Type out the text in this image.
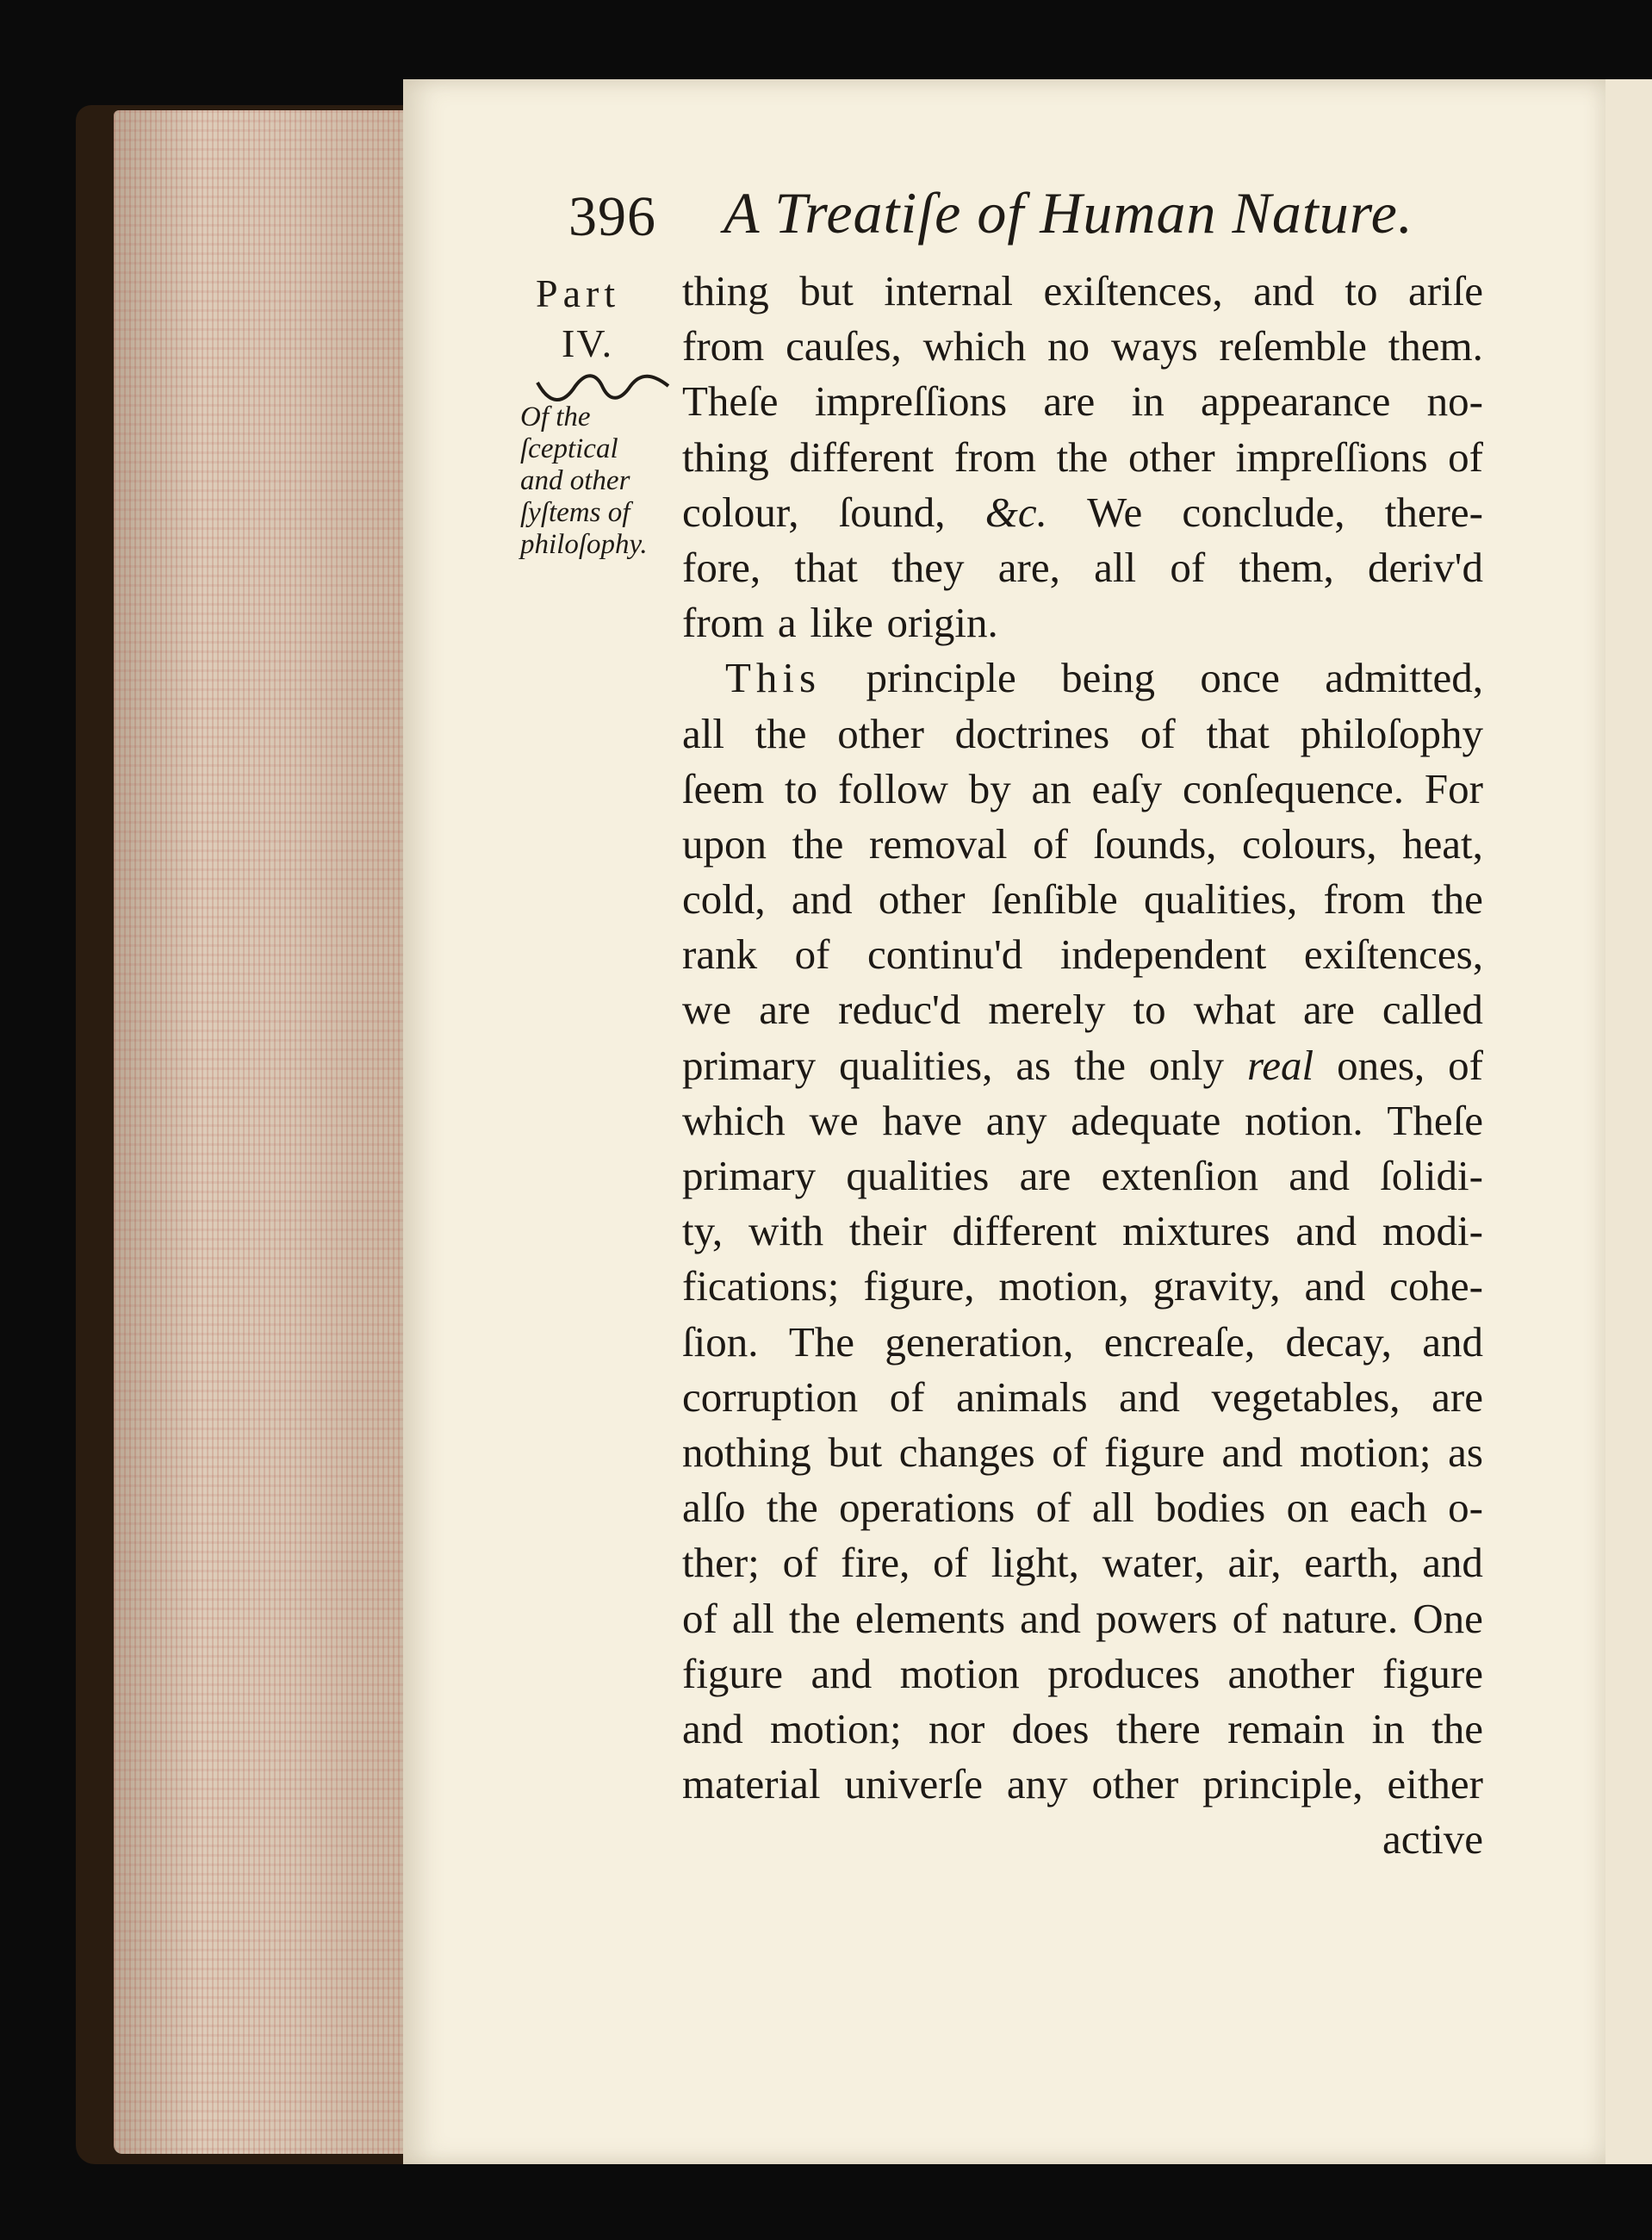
396 A Treatiſe of Human Nature.
Part
IV.
Of the
ſceptical
and other
ſyſtems of
philoſophy.
thing but internal exiſtences, and to ariſe
from cauſes, which no ways reſemble them.
Theſe impreſſions are in appearance no-
thing different from the other impreſſions of
colour, ſound, &c. We conclude, there-
fore, that they are, all of them, deriv'd
from a like origin.
This principle being once admitted,
all the other doctrines of that philoſophy
ſeem to follow by an eaſy conſequence. For
upon the removal of ſounds, colours, heat,
cold, and other ſenſible qualities, from the
rank of continu'd independent exiſtences,
we are reduc'd merely to what are called
primary qualities, as the only real ones, of
which we have any adequate notion. Theſe
primary qualities are extenſion and ſolidi-
ty, with their different mixtures and modi-
fications; figure, motion, gravity, and cohe-
ſion. The generation, encreaſe, decay, and
corruption of animals and vegetables, are
nothing but changes of figure and motion; as
alſo the operations of all bodies on each o-
ther; of fire, of light, water, air, earth, and
of all the elements and powers of nature. One
figure and motion produces another figure
and motion; nor does there remain in the
material univerſe any other principle, either
active
